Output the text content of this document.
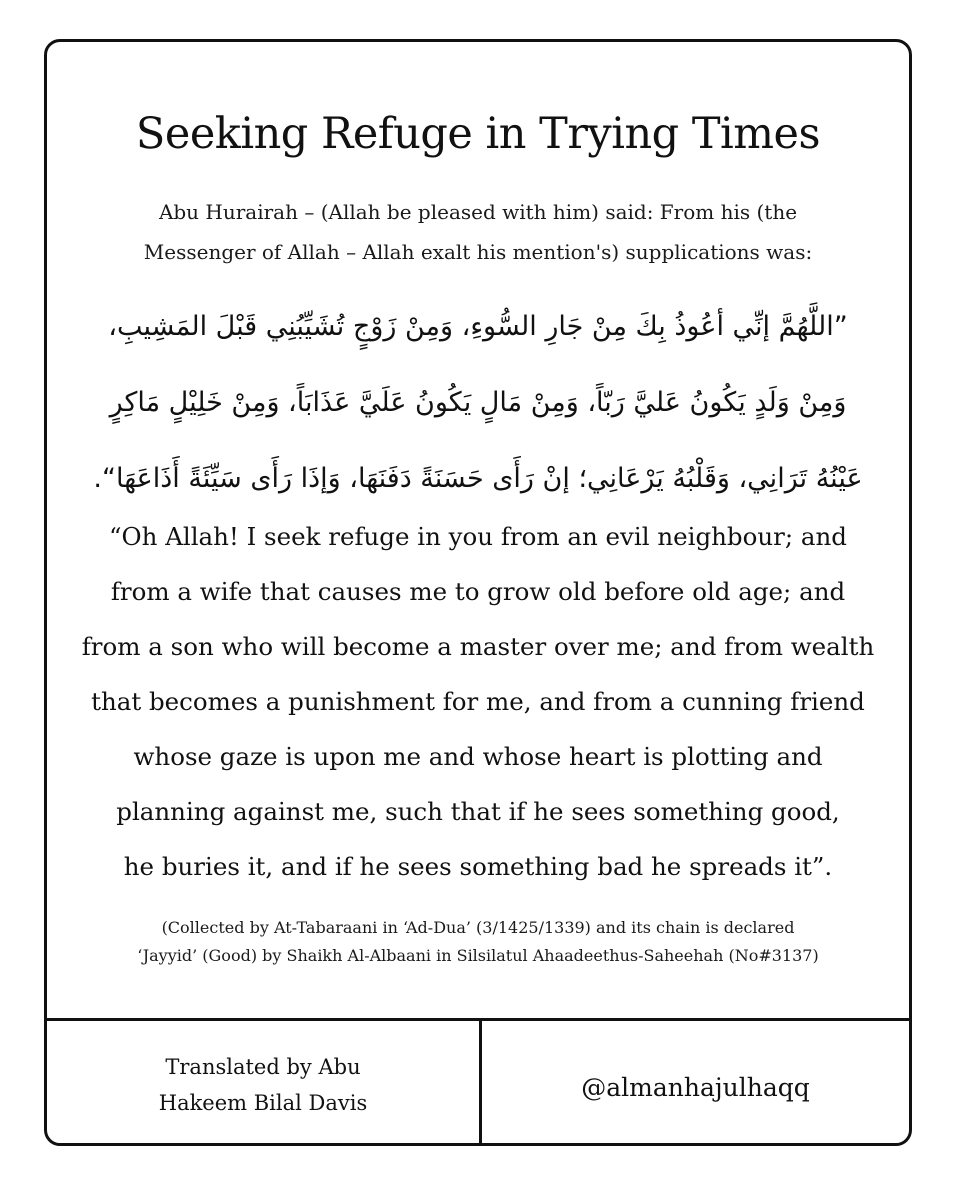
Seeking Refuge in Trying Times

Abu Hurairah – (Allah be pleased with him) said: From his (the
Messenger of Allah – Allah exalt his mention's) supplications was:

”اللَّهُمَّ إنِّي أعُوذُ بِكَ مِنْ جَارِ السُّوءِ، وَمِنْ زَوْجٍ تُشَيِّبُنِي قَبْلَ المَشِيبِ،
وَمِنْ وَلَدٍ يَكُونُ عَليَّ رَبّاً، وَمِنْ مَالٍ يَكُونُ عَلَيَّ عَذَابَاً، وَمِنْ خَلِيْلٍ مَاكِرٍ
عَيْنُهُ تَرَانِي، وَقَلْبُهُ يَرْعَانِي؛ إنْ رَأَى حَسَنَةً دَفَنَهَا، وَإذَا رَأَى سَيِّئَةً أَذَاعَهَا“.

“Oh Allah! I seek refuge in you from an evil neighbour; and
from a wife that causes me to grow old before old age; and
from a son who will become a master over me; and from wealth
that becomes a punishment for me, and from a cunning friend
whose gaze is upon me and whose heart is plotting and
planning against me, such that if he sees something good,
he buries it, and if he sees something bad he spreads it”.

(Collected by At-Tabaraani in ‘Ad-Dua’ (3/1425/1339) and its chain is declared
‘Jayyid’ (Good) by Shaikh Al-Albaani in Silsilatul Ahaadeethus-Saheehah (No#3137)

Translated by Abu
Hakeem Bilal Davis

@almanhajulhaqq
